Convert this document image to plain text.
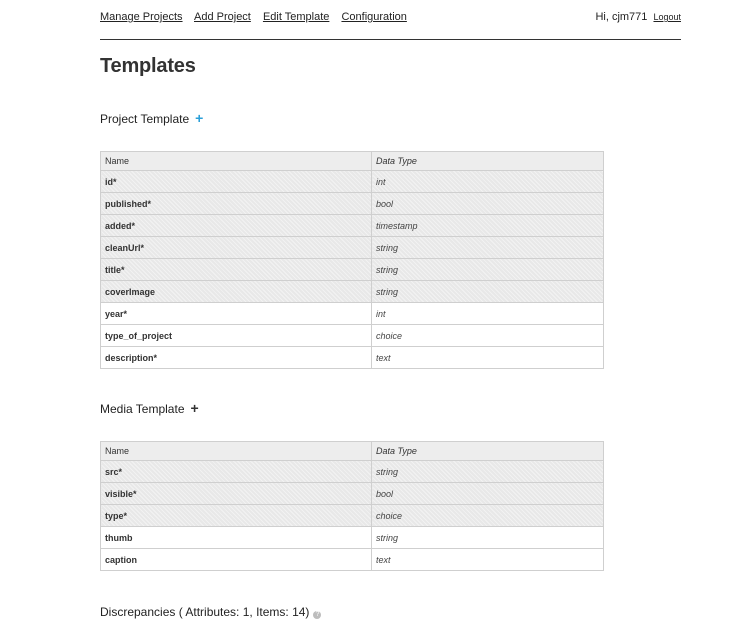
Manage Projects Add Project Edit Template Configuration	Hi, cjm771 Logout
Templates
Project Template +
Name	Data Type
id*	int
published*	bool
added*	timestamp
cleanUrl*	string
title*	string
coverImage	string
year*	int
type_of_project	choice
description*	text
Media Template +
Name	Data Type
src*	string
visible*	bool
type*	choice
thumb	string
caption	text
Discrepancies ( Attributes: 1, Items: 14) ?
